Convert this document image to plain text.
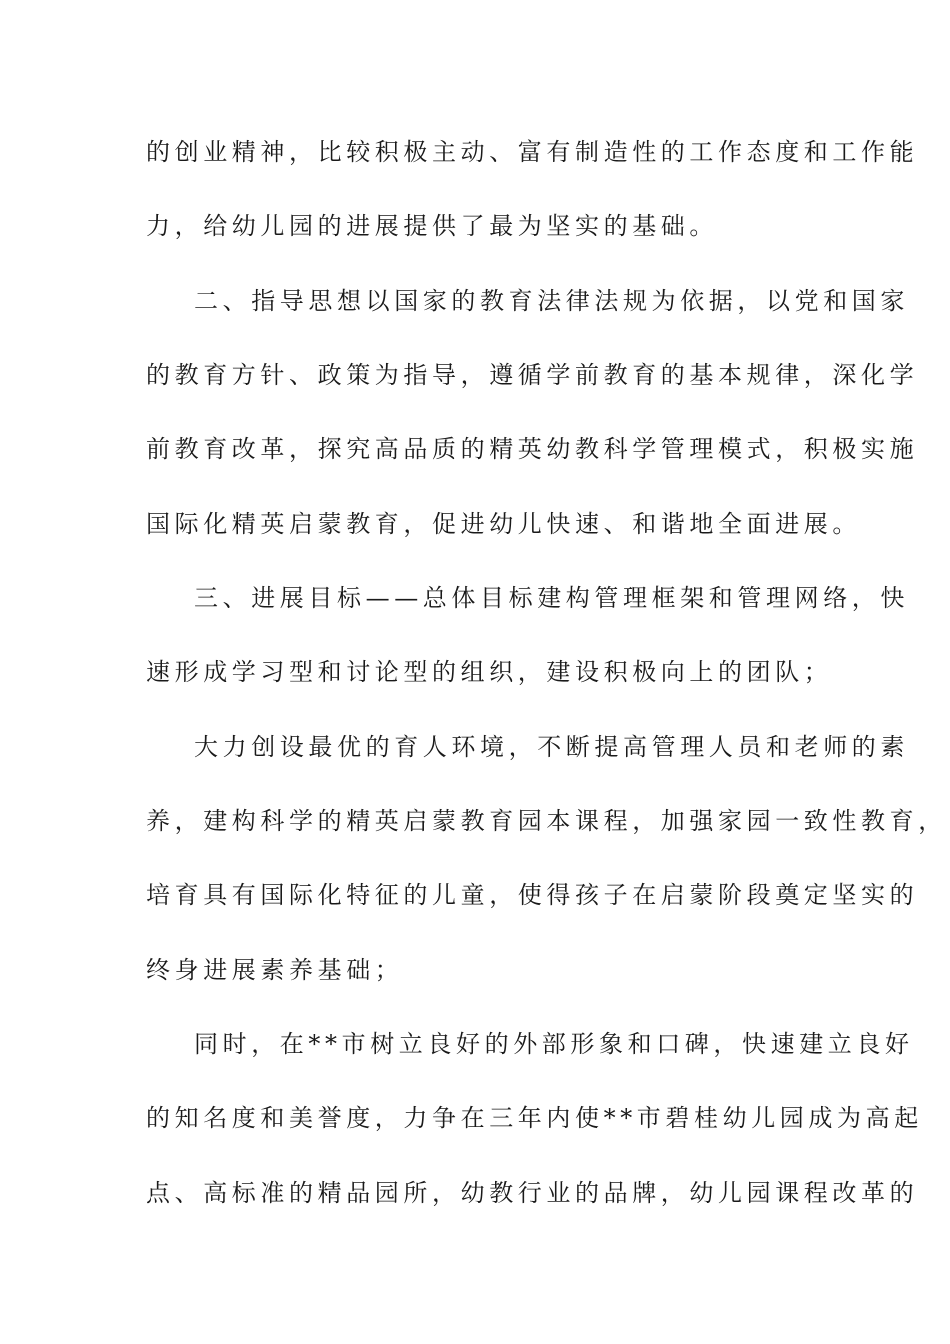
的创业精神，比较积极主动、富有制造性的工作态度和工作能
力，给幼儿园的进展提供了最为坚实的基础。
二、指导思想以国家的教育法律法规为依据，以党和国家
的教育方针、政策为指导，遵循学前教育的基本规律，深化学
前教育改革，探究高品质的精英幼教科学管理模式，积极实施
国际化精英启蒙教育，促进幼儿快速、和谐地全面进展。
三、进展目标——总体目标建构管理框架和管理网络，快
速形成学习型和讨论型的组织，建设积极向上的团队；
大力创设最优的育人环境，不断提高管理人员和老师的素
养，建构科学的精英启蒙教育园本课程，加强家园一致性教育，
培育具有国际化特征的儿童，使得孩子在启蒙阶段奠定坚实的
终身进展素养基础；
同时，在**市树立良好的外部形象和口碑，快速建立良好
的知名度和美誉度，力争在三年内使**市碧桂幼儿园成为高起
点、高标准的精品园所，幼教行业的品牌，幼儿园课程改革的
